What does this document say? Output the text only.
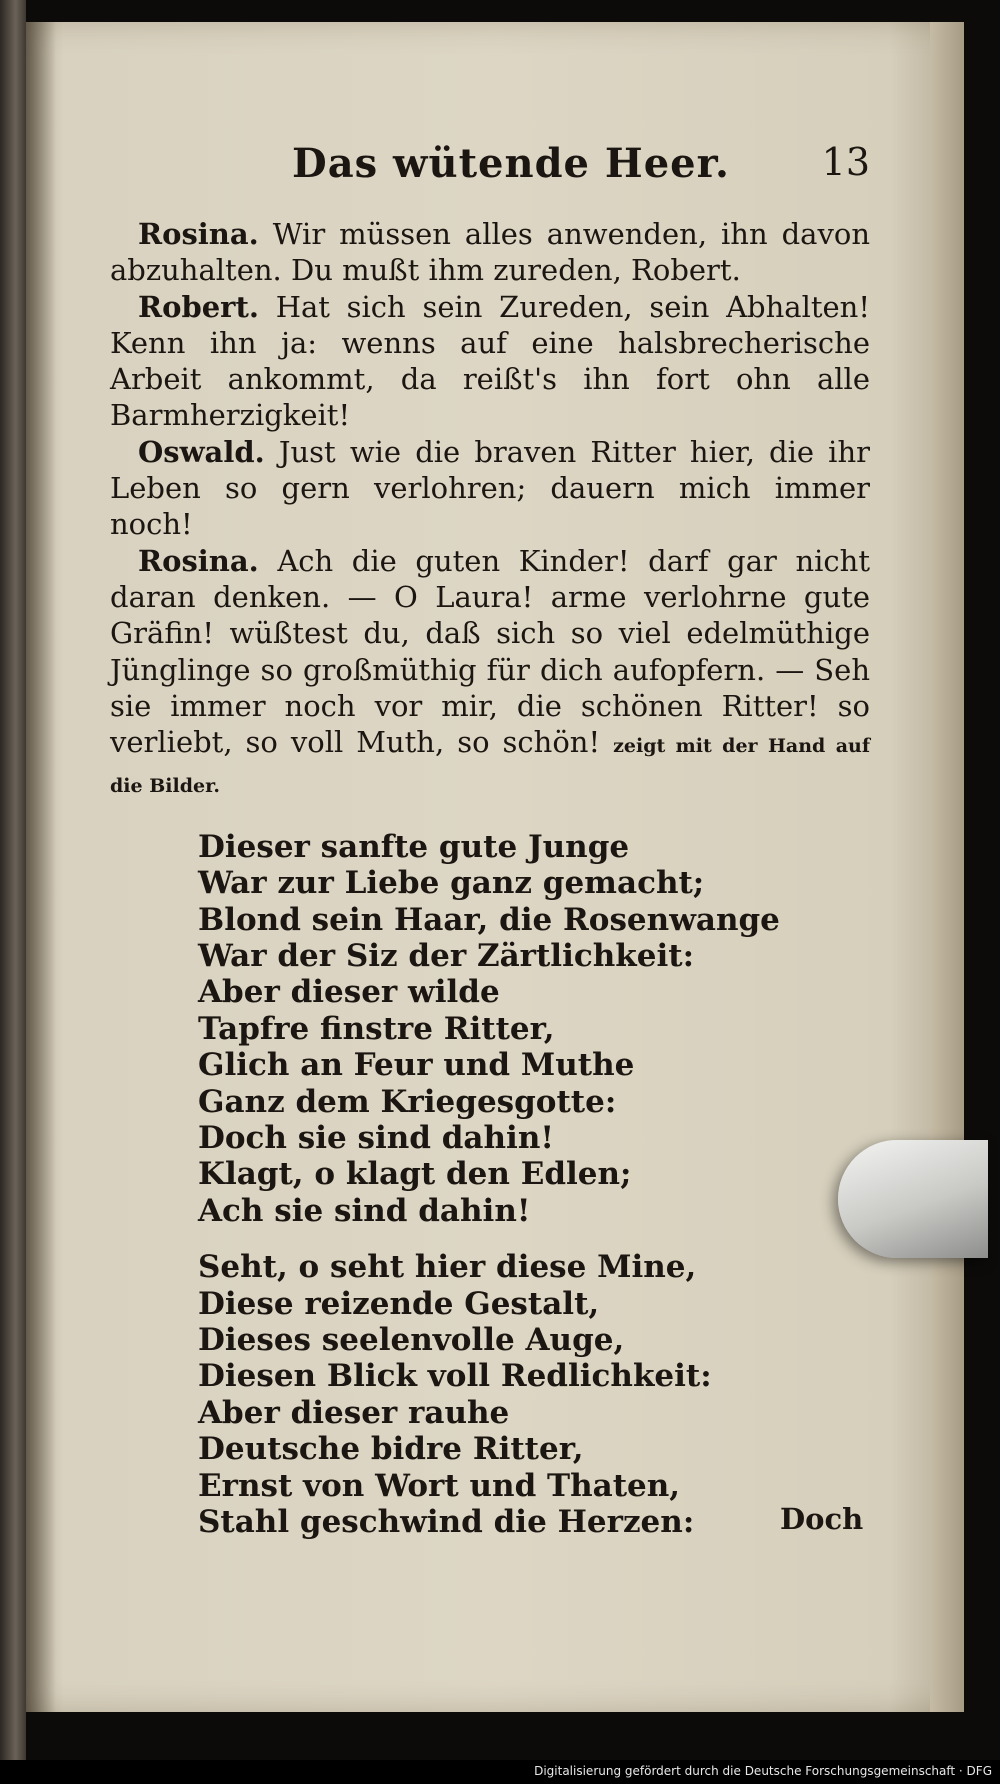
Das wütende Heer. 13

Rosina. Wir müssen alles anwenden, ihn davon abzuhalten. Du mußt ihm zureden, Robert.

Robert. Hat sich sein Zureden, sein Abhalten! Kenn ihn ja: wenns auf eine halsbrecherische Arbeit ankommt, da reißt's ihn fort ohn alle Barmherzigkeit!

Oswald. Just wie die braven Ritter hier, die ihr Leben so gern verlohren; dauern mich immer noch!

Rosina. Ach die guten Kinder! darf gar nicht daran denken. — O Laura! arme verlohrne gute Gräfin! wüßtest du, daß sich so viel edelmüthige Jünglinge so großmüthig für dich aufopfern. — Seh sie immer noch vor mir, die schönen Ritter! so verliebt, so voll Muth, so schön! zeigt mit der Hand auf die Bilder.

Dieser sanfte gute Junge
War zur Liebe ganz gemacht;
Blond sein Haar, die Rosenwange
War der Siz der Zärtlichkeit:
Aber dieser wilde
Tapfre finstre Ritter,
Glich an Feur und Muthe
Ganz dem Kriegesgotte:
Doch sie sind dahin!
Klagt, o klagt den Edlen;
Ach sie sind dahin!
Seht, o seht hier diese Mine,
Diese reizende Gestalt,
Dieses seelenvolle Auge,
Diesen Blick voll Redlichkeit:
Aber dieser rauhe
Deutsche bidre Ritter,
Ernst von Wort und Thaten,
Stahl geschwind die Herzen:	Doch
Digitalisierung gefördert durch die Deutsche Forschungsgemeinschaft · DFG
